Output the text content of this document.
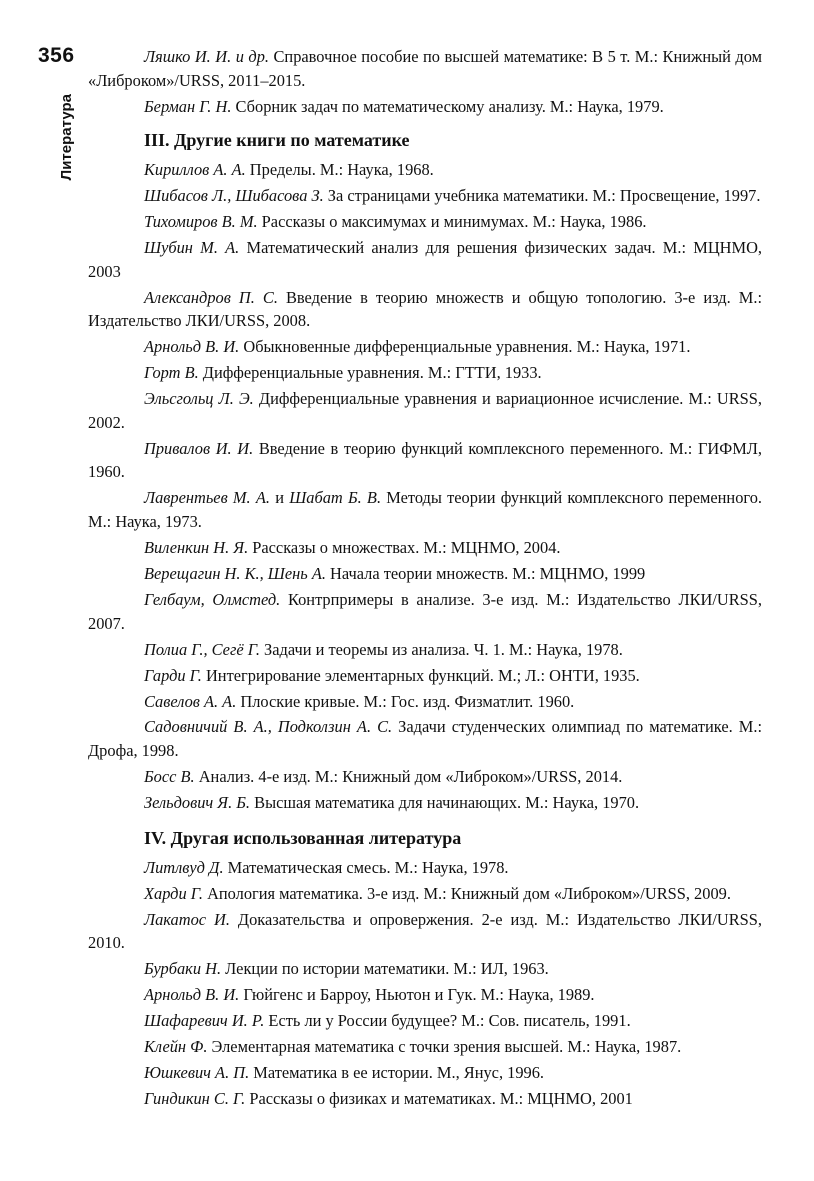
356
Литература

Ляшко И. И. и др. Справочное пособие по высшей математике: В 5 т. М.: Книжный дом «Либроком»/URSS, 2011–2015.

Берман Г. Н. Сборник задач по математическому анализу. М.: Наука, 1979.

III. Другие книги по математике

Кириллов А. А. Пределы. М.: Наука, 1968.

Шибасов Л., Шибасова З. За страницами учебника математики. М.: Просвещение, 1997.

Тихомиров В. М. Рассказы о максимумах и минимумах. М.: Наука, 1986.

Шубин М. А. Математический анализ для решения физических задач. М.: МЦНМО, 2003

Александров П. С. Введение в теорию множеств и общую топологию. 3-е изд. М.: Издательство ЛКИ/URSS, 2008.

Арнольд В. И. Обыкновенные дифференциальные уравнения. М.: Наука, 1971.

Горт В. Дифференциальные уравнения. М.: ГТТИ, 1933.

Эльсгольц Л. Э. Дифференциальные уравнения и вариационное исчисление. М.: URSS, 2002.

Привалов И. И. Введение в теорию функций комплексного переменного. М.: ГИФМЛ, 1960.

Лаврентьев М. А. и Шабат Б. В. Методы теории функций комплексного переменного. М.: Наука, 1973.

Виленкин Н. Я. Рассказы о множествах. М.: МЦНМО, 2004.

Верещагин Н. К., Шень А. Начала теории множеств. М.: МЦНМО, 1999

Гелбаум, Олмстед. Контрпримеры в анализе. 3-е изд. М.: Издательство ЛКИ/URSS, 2007.

Полиа Г., Сегё Г. Задачи и теоремы из анализа. Ч. 1. М.: Наука, 1978.

Гарди Г. Интегрирование элементарных функций. М.; Л.: ОНТИ, 1935.

Савелов А. А. Плоские кривые. М.: Гос. изд. Физматлит. 1960.

Садовничий В. А., Подколзин А. С. Задачи студенческих олимпиад по математике. М.: Дрофа, 1998.

Босс В. Анализ. 4-е изд. М.: Книжный дом «Либроком»/URSS, 2014.

Зельдович Я. Б. Высшая математика для начинающих. М.: Наука, 1970.

IV. Другая использованная литература

Литлвуд Д. Математическая смесь. М.: Наука, 1978.

Харди Г. Апология математика. 3-е изд. М.: Книжный дом «Либроком»/URSS, 2009.

Лакатос И. Доказательства и опровержения. 2-е изд. М.: Издательство ЛКИ/URSS, 2010.

Бурбаки Н. Лекции по истории математики. М.: ИЛ, 1963.

Арнольд В. И. Гюйгенс и Барроу, Ньютон и Гук. М.: Наука, 1989.

Шафаревич И. Р. Есть ли у России будущее? М.: Сов. писатель, 1991.

Клейн Ф. Элементарная математика с точки зрения высшей. М.: Наука, 1987.

Юшкевич А. П. Математика в ее истории. М., Янус, 1996.

Гиндикин С. Г. Рассказы о физиках и математиках. М.: МЦНМО, 2001
